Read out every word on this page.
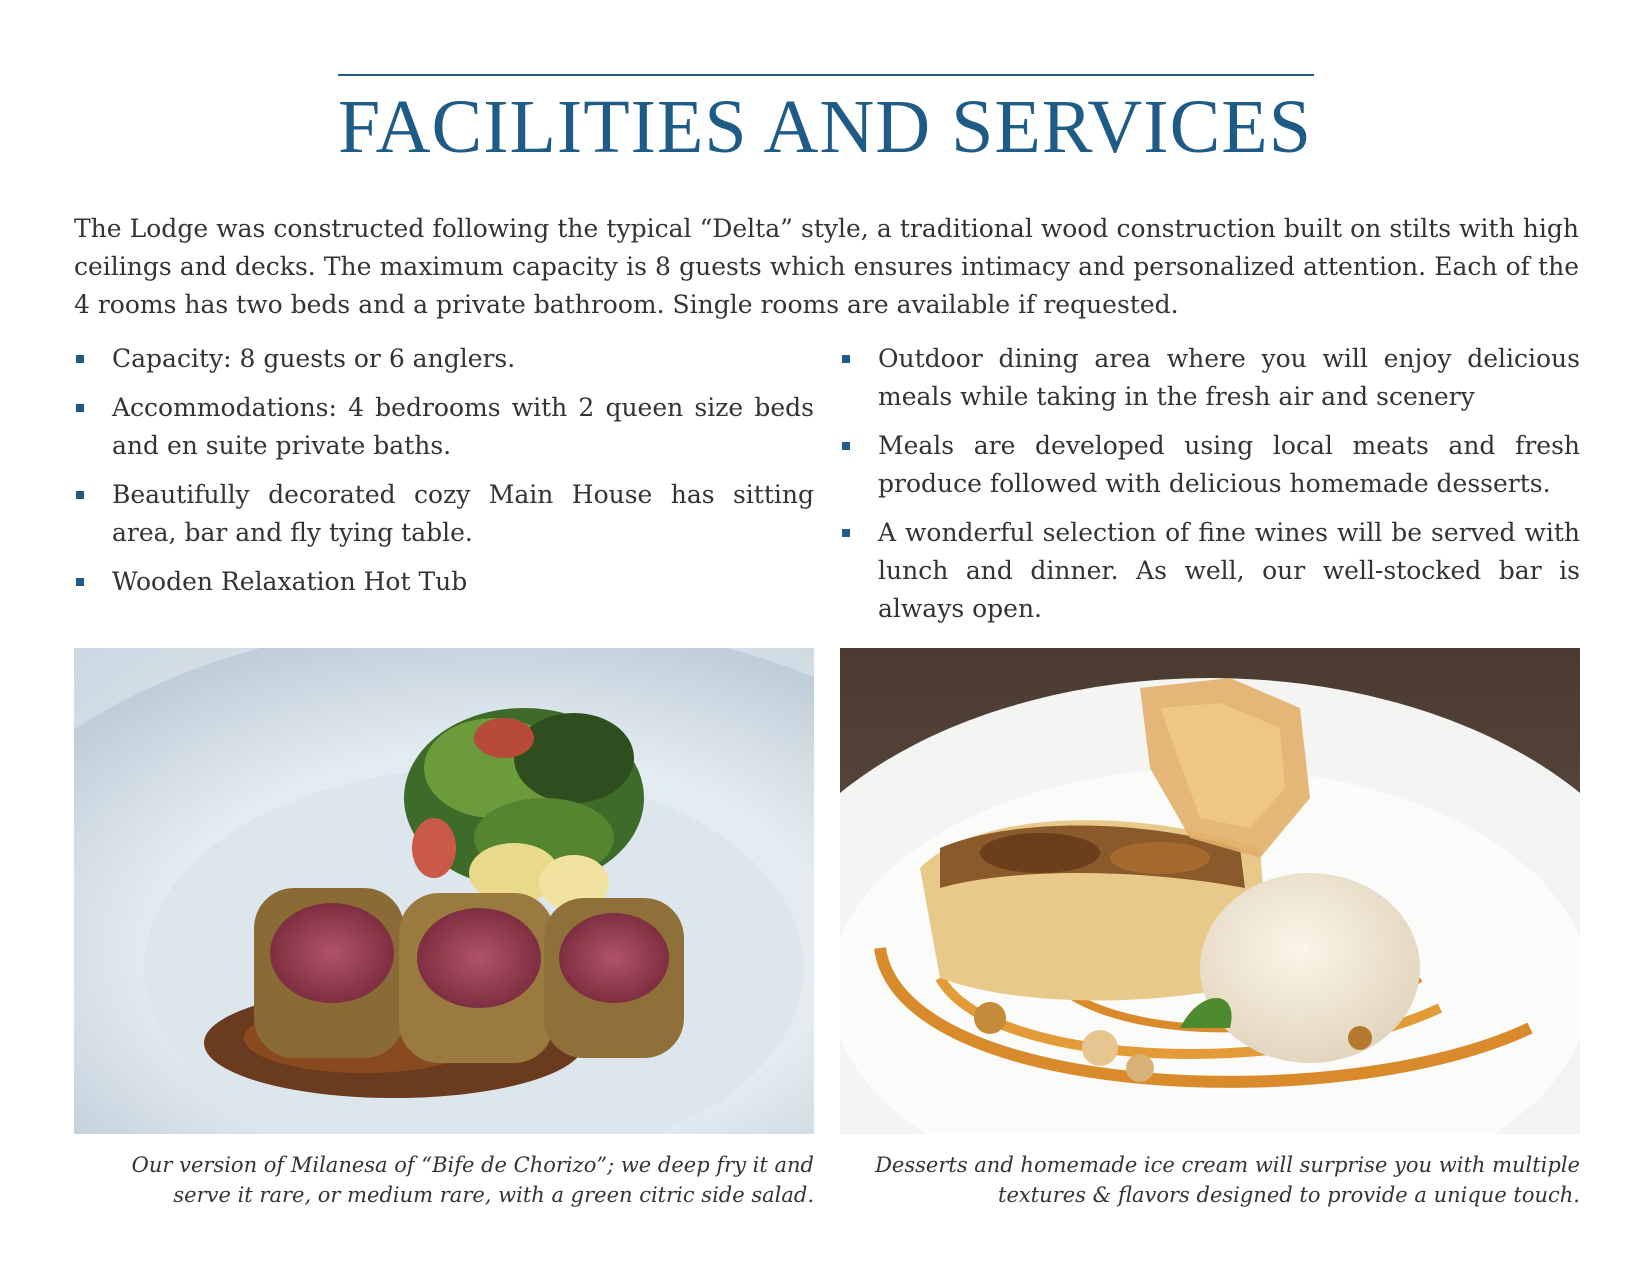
FACILITIES AND SERVICES

The Lodge was constructed following the typical “Delta” style, a traditional wood construction built on stilts with high ceilings and decks. The maximum capacity is 8 guests which ensures intimacy and personalized attention. Each of the 4 rooms has two beds and a private bathroom. Single rooms are available if requested.

Capacity: 8 guests or 6 anglers.
Accommodations: 4 bedrooms with 2 queen size beds and en suite private baths.
Beautifully decorated cozy Main House has sitting area, bar and fly tying table.
Wooden Relaxation Hot Tub
Outdoor dining area where you will enjoy delicious meals while taking in the fresh air and scenery
Meals are developed using local meats and fresh produce followed with delicious homemade desserts.
A wonderful selection of fine wines will be served with lunch and dinner. As well, our well-stocked bar is always open.

Our version of Milanesa of “Bife de Chorizo”; we deep fry it and serve it rare, or medium rare, with a green citric side salad.

Desserts and homemade ice cream will surprise you with multiple textures & flavors designed to provide a unique touch.
